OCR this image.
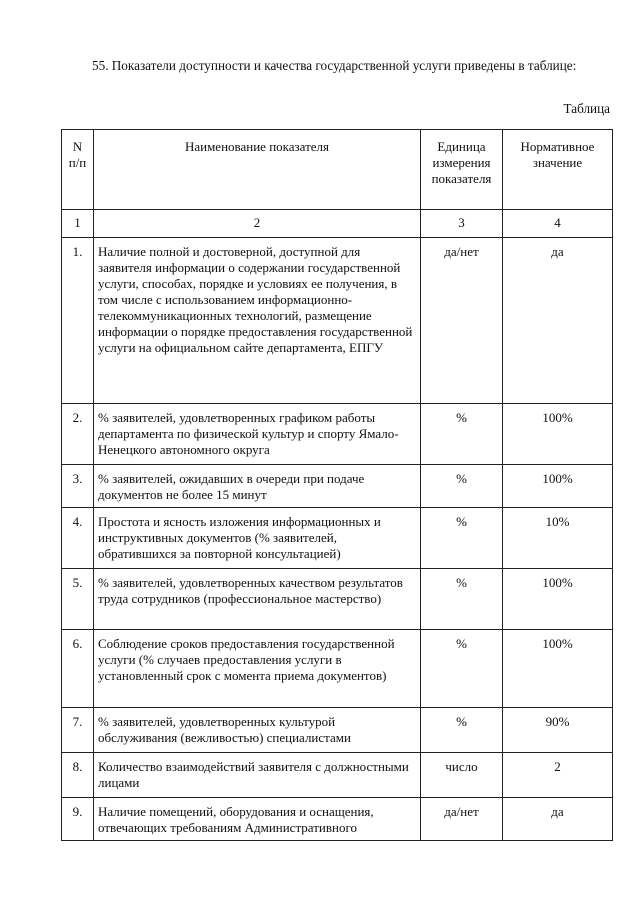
55. Показатели доступности и качества государственной услуги приведены в таблице:

Таблица

N п/п	Наименование показателя	Единица измерения показателя	Нормативное значение
1	2	3	4
1.	Наличие полной и достоверной, доступной для заявителя информации о содержании государственной услуги, способах, порядке и условиях ее получения, в том числе с использованием информационно-телекоммуникационных технологий, размещение информации о порядке предоставления государственной услуги на официальном сайте департамента, ЕПГУ	да/нет	да
2.	% заявителей, удовлетворенных графиком работы департамента по физической культур и спорту Ямало-Ненецкого автономного округа	%	100%
3.	% заявителей, ожидавших в очереди при подаче документов не более 15 минут	%	100%
4.	Простота и ясность изложения информационных и инструктивных документов (% заявителей, обратившихся за повторной консультацией)	%	10%
5.	% заявителей, удовлетворенных качеством результатов труда сотрудников (профессиональное мастерство)	%	100%
6.	Соблюдение сроков предоставления государственной услуги (% случаев предоставления услуги в установленный срок с момента приема документов)	%	100%
7.	% заявителей, удовлетворенных культурой обслуживания (вежливостью) специалистами	%	90%
8.	Количество взаимодействий заявителя с должностными лицами	число	2
9.	Наличие помещений, оборудования и оснащения, отвечающих требованиям Административного	да/нет	да
